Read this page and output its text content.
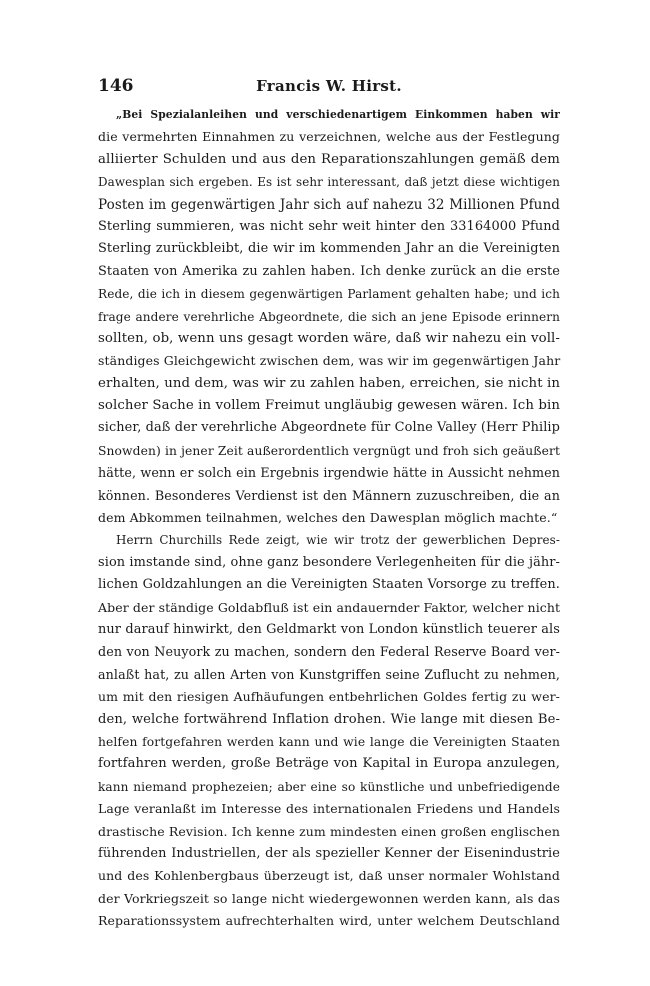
146	Francis W. Hirst.
„Bei Spezialanleihen und verschiedenartigem Einkommen haben wir
die vermehrten Einnahmen zu verzeichnen, welche aus der Festlegung
alliierter Schulden und aus den Reparationszahlungen gemäß dem
Dawesplan sich ergeben. Es ist sehr interessant, daß jetzt diese wichtigen
Posten im gegenwärtigen Jahr sich auf nahezu 32 Millionen Pfund
Sterling summieren, was nicht sehr weit hinter den 33164000 Pfund
Sterling zurückbleibt, die wir im kommenden Jahr an die Vereinigten
Staaten von Amerika zu zahlen haben. Ich denke zurück an die erste
Rede, die ich in diesem gegenwärtigen Parlament gehalten habe; und ich
frage andere verehrliche Abgeordnete, die sich an jene Episode erinnern
sollten, ob, wenn uns gesagt worden wäre, daß wir nahezu ein voll-
ständiges Gleichgewicht zwischen dem, was wir im gegenwärtigen Jahr
erhalten, und dem, was wir zu zahlen haben, erreichen, sie nicht in
solcher Sache in vollem Freimut ungläubig gewesen wären. Ich bin
sicher, daß der verehrliche Abgeordnete für Colne Valley (Herr Philip
Snowden) in jener Zeit außerordentlich vergnügt und froh sich geäußert
hätte, wenn er solch ein Ergebnis irgendwie hätte in Aussicht nehmen
können. Besonderes Verdienst ist den Männern zuzuschreiben, die an
dem Abkommen teilnahmen, welches den Dawesplan möglich machte.“
Herrn Churchills Rede zeigt, wie wir trotz der gewerblichen Depres-
sion imstande sind, ohne ganz besondere Verlegenheiten für die jähr-
lichen Goldzahlungen an die Vereinigten Staaten Vorsorge zu treffen.
Aber der ständige Goldabfluß ist ein andauernder Faktor, welcher nicht
nur darauf hinwirkt, den Geldmarkt von London künstlich teuerer als
den von Neuyork zu machen, sondern den Federal Reserve Board ver-
anlaßt hat, zu allen Arten von Kunstgriffen seine Zuflucht zu nehmen,
um mit den riesigen Aufhäufungen entbehrlichen Goldes fertig zu wer-
den, welche fortwährend Inflation drohen. Wie lange mit diesen Be-
helfen fortgefahren werden kann und wie lange die Vereinigten Staaten
fortfahren werden, große Beträge von Kapital in Europa anzulegen,
kann niemand prophezeien; aber eine so künstliche und unbefriedigende
Lage veranlaßt im Interesse des internationalen Friedens und Handels
drastische Revision. Ich kenne zum mindesten einen großen englischen
führenden Industriellen, der als spezieller Kenner der Eisenindustrie
und des Kohlenbergbaus überzeugt ist, daß unser normaler Wohlstand
der Vorkriegszeit so lange nicht wiedergewonnen werden kann, als das
Reparationssystem aufrechterhalten wird, unter welchem Deutschland
